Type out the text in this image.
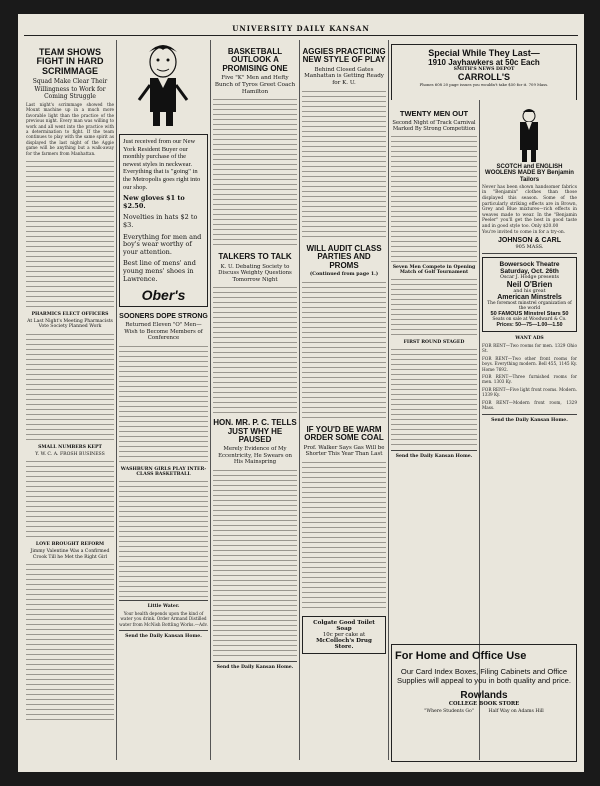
UNIVERSITY DAILY KANSAN
TEAM SHOWS FIGHT IN HARD SCRIMMAGE
Squad Make Clear Their Willingness to Work for Coming Struggle
Last night's scrimmage showed the Mount machine up in a much more favorable light than the practice of the previous night. Every man was willing to work and all went into the practice with a determination to fight. If the team continues to play with the same spirit as displayed the last night of the Aggie game will be anything but a walk-away for the farmers from Manhattan.
PHARMICS ELECT OFFICERS
At Last Night's Meeting Pharmacists Vote Society Planned Work
SMALL NUMBERS KEPT
Y. W. C. A. FROSH BUSINESS
LOVE BROUGHT REFORM
Jimmy Valentine Was a Confirmed Crook Till he Met the Right Girl
Just received from our New York Resident Buyer our monthly purchase of the newest styles in neckwear. Everything that is "going" in the Metropolis goes right into our shop.
New gloves $1 to $2.50.
Novelties in hats $2 to $3.
Everything for men and boy's wear worthy of your attention.
Best line of mens' and young mens' shoes in Lawrence.
Ober's
SOONERS DOPE STRONG
Returned Eleven "O" Men—Wish to Become Members of Conference
WASHBURN GIRLS PLAY INTER-CLASS BASKETBALL
Little Water.
Your health depends upon the kind of water you drink. Order Armand Distilled water from McNish Bottling Works.—Adv.
Send the Daily Kansan Home.
BASKETBALL OUTLOOK A PROMISING ONE
Five "K" Men and Hefty Bunch of Tyros Greet Coach Hamilton
TALKERS TO TALK
K. U. Debating Society to Discuss Weighty Questions Tomorrow Night
HON. MR. P. C. TELLS JUST WHY HE PAUSED
Merely Evidence of My Eccentricity, He Swears on His Mainspring
Send the Daily Kansan Home.
AGGIES PRACTICING NEW STYLE OF PLAY
Behind Closed Gates Manhattan is Getting Ready for K. U.
WILL AUDIT CLASS PARTIES AND PROMS
(Continued from page 1.)
IF YOU'D BE WARM ORDER SOME COAL
Prof. Walker Says Gas Will be Shorter This Year Than Last
Colgate Good Toilet Soap
10c per cake at
McColloch's Drug Store.
Special While They Last—
1910 Jayhawkers at 50c Each
SMITH'S NEWS DEPOT
CARROLL'S
Phones 608 20 page issues you wouldn't take $50 for it. 709 Mass.
TWENTY MEN OUT
Second Night of Track Carnival Marked By Strong Competition
Seven Men Compete in Opening Match of Golf Tournament
FIRST ROUND STAGED
Send the Daily Kansan Home.
SCOTCH and ENGLISH WOOLENS MADE BY Benjamin Tailors
Never has been shown handsomer fabrics in "Benjamin" clothes than those displayed this season. Some of the particularly striking effects are in Brown, Grey and Blue mixtures—rich effects in weaves made to wear. In the "Benjamin Peeler" you'll get the best in good taste and in good style too. Only $20.00
You're invited to come in for a try-on.
JOHNSON & CARL
905 MASS.
Bowersock Theatre Saturday, Oct. 26th
Oscar J. Hodge presents
Neil O'Brien
and his great
American Minstrels
The foremost minstrel organization of the world
50 FAMOUS Minstrel Stars 50
Seats on sale at Woodward & Co.
Prices: 50—75—1.00—1.50
WANT ADS
FOR RENT—Two rooms for men. 1329 Ohio St.
FOR RENT—Two other front rooms for boys. Everything modern. Bell 455, 1145 Ky. Home 7692.
FOR RENT—Three furnished rooms for men. 1303 Ky.
FOR RENT—Five light front rooms. Modern. 1339 Ky.
FOR RENT—Modern front room, 1329 Mass.
Send the Daily Kansan Home.
For Home and Office Use
Our Card Index Boxes, Filing Cabinets and Office Supplies will appeal to you in both quality and price.
Rowlands
COLLEGE BOOK STORE
"Where Students Go"          Half Way on Adams Hill
